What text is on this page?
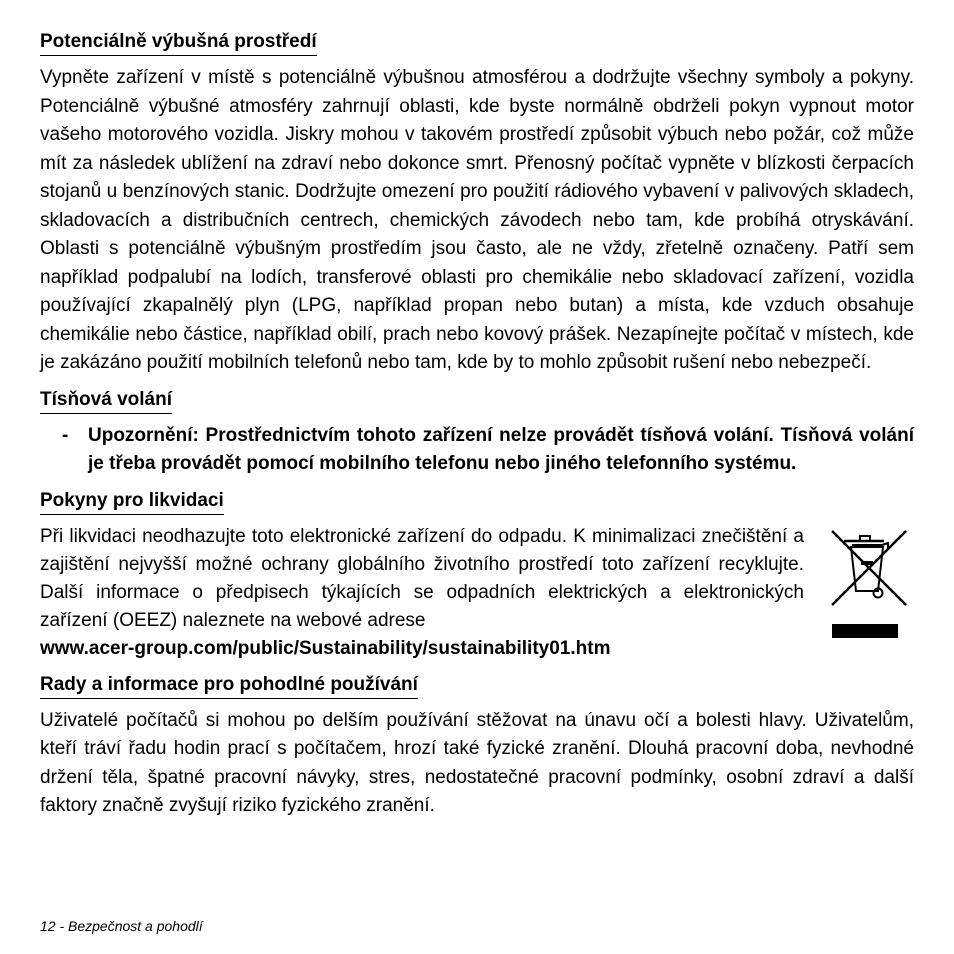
Potenciálně výbušná prostředí

Vypněte zařízení v místě s potenciálně výbušnou atmosférou a dodržujte všechny symboly a pokyny. Potenciálně výbušné atmosféry zahrnují oblasti, kde byste normálně obdrželi pokyn vypnout motor vašeho motorového vozidla. Jiskry mohou v takovém prostředí způsobit výbuch nebo požár, což může mít za následek ublížení na zdraví nebo dokonce smrt. Přenosný počítač vypněte v blízkosti čerpacích stojanů u benzínových stanic. Dodržujte omezení pro použití rádiového vybavení v palivových skladech, skladovacích a distribučních centrech, chemických závodech nebo tam, kde probíhá otryskávání. Oblasti s potenciálně výbušným prostředím jsou často, ale ne vždy, zřetelně označeny. Patří sem například podpalubí na lodích, transferové oblasti pro chemikálie nebo skladovací zařízení, vozidla používající zkapalnělý plyn (LPG, například propan nebo butan) a místa, kde vzduch obsahuje chemikálie nebo částice, například obilí, prach nebo kovový prášek. Nezapínejte počítač v místech, kde je zakázáno použití mobilních telefonů nebo tam, kde by to mohlo způsobit rušení nebo nebezpečí.

Tísňová volání
-	Upozornění: Prostřednictvím tohoto zařízení nelze provádět tísňová volání. Tísňová volání je třeba provádět pomocí mobilního telefonu nebo jiného telefonního systému.
Pokyny pro likvidaci

Při likvidaci neodhazujte toto elektronické zařízení do odpadu. K minimalizaci znečištění a zajištění nejvyšší možné ochrany globálního životního prostředí toto zařízení recyklujte. Další informace o předpisech týkajících se odpadních elektrických a elektronických zařízení (OEEZ) naleznete na webové adrese

www.acer-group.com/public/Sustainability/sustainability01.htm
Rady a informace pro pohodlné používání

Uživatelé počítačů si mohou po delším používání stěžovat na únavu očí a bolesti hlavy. Uživatelům, kteří tráví řadu hodin prací s počítačem, hrozí také fyzické zranění. Dlouhá pracovní doba, nevhodné držení těla, špatné pracovní návyky, stres, nedostatečné pracovní podmínky, osobní zdraví a další faktory značně zvyšují riziko fyzického zranění.

12 - Bezpečnost a pohodlí
